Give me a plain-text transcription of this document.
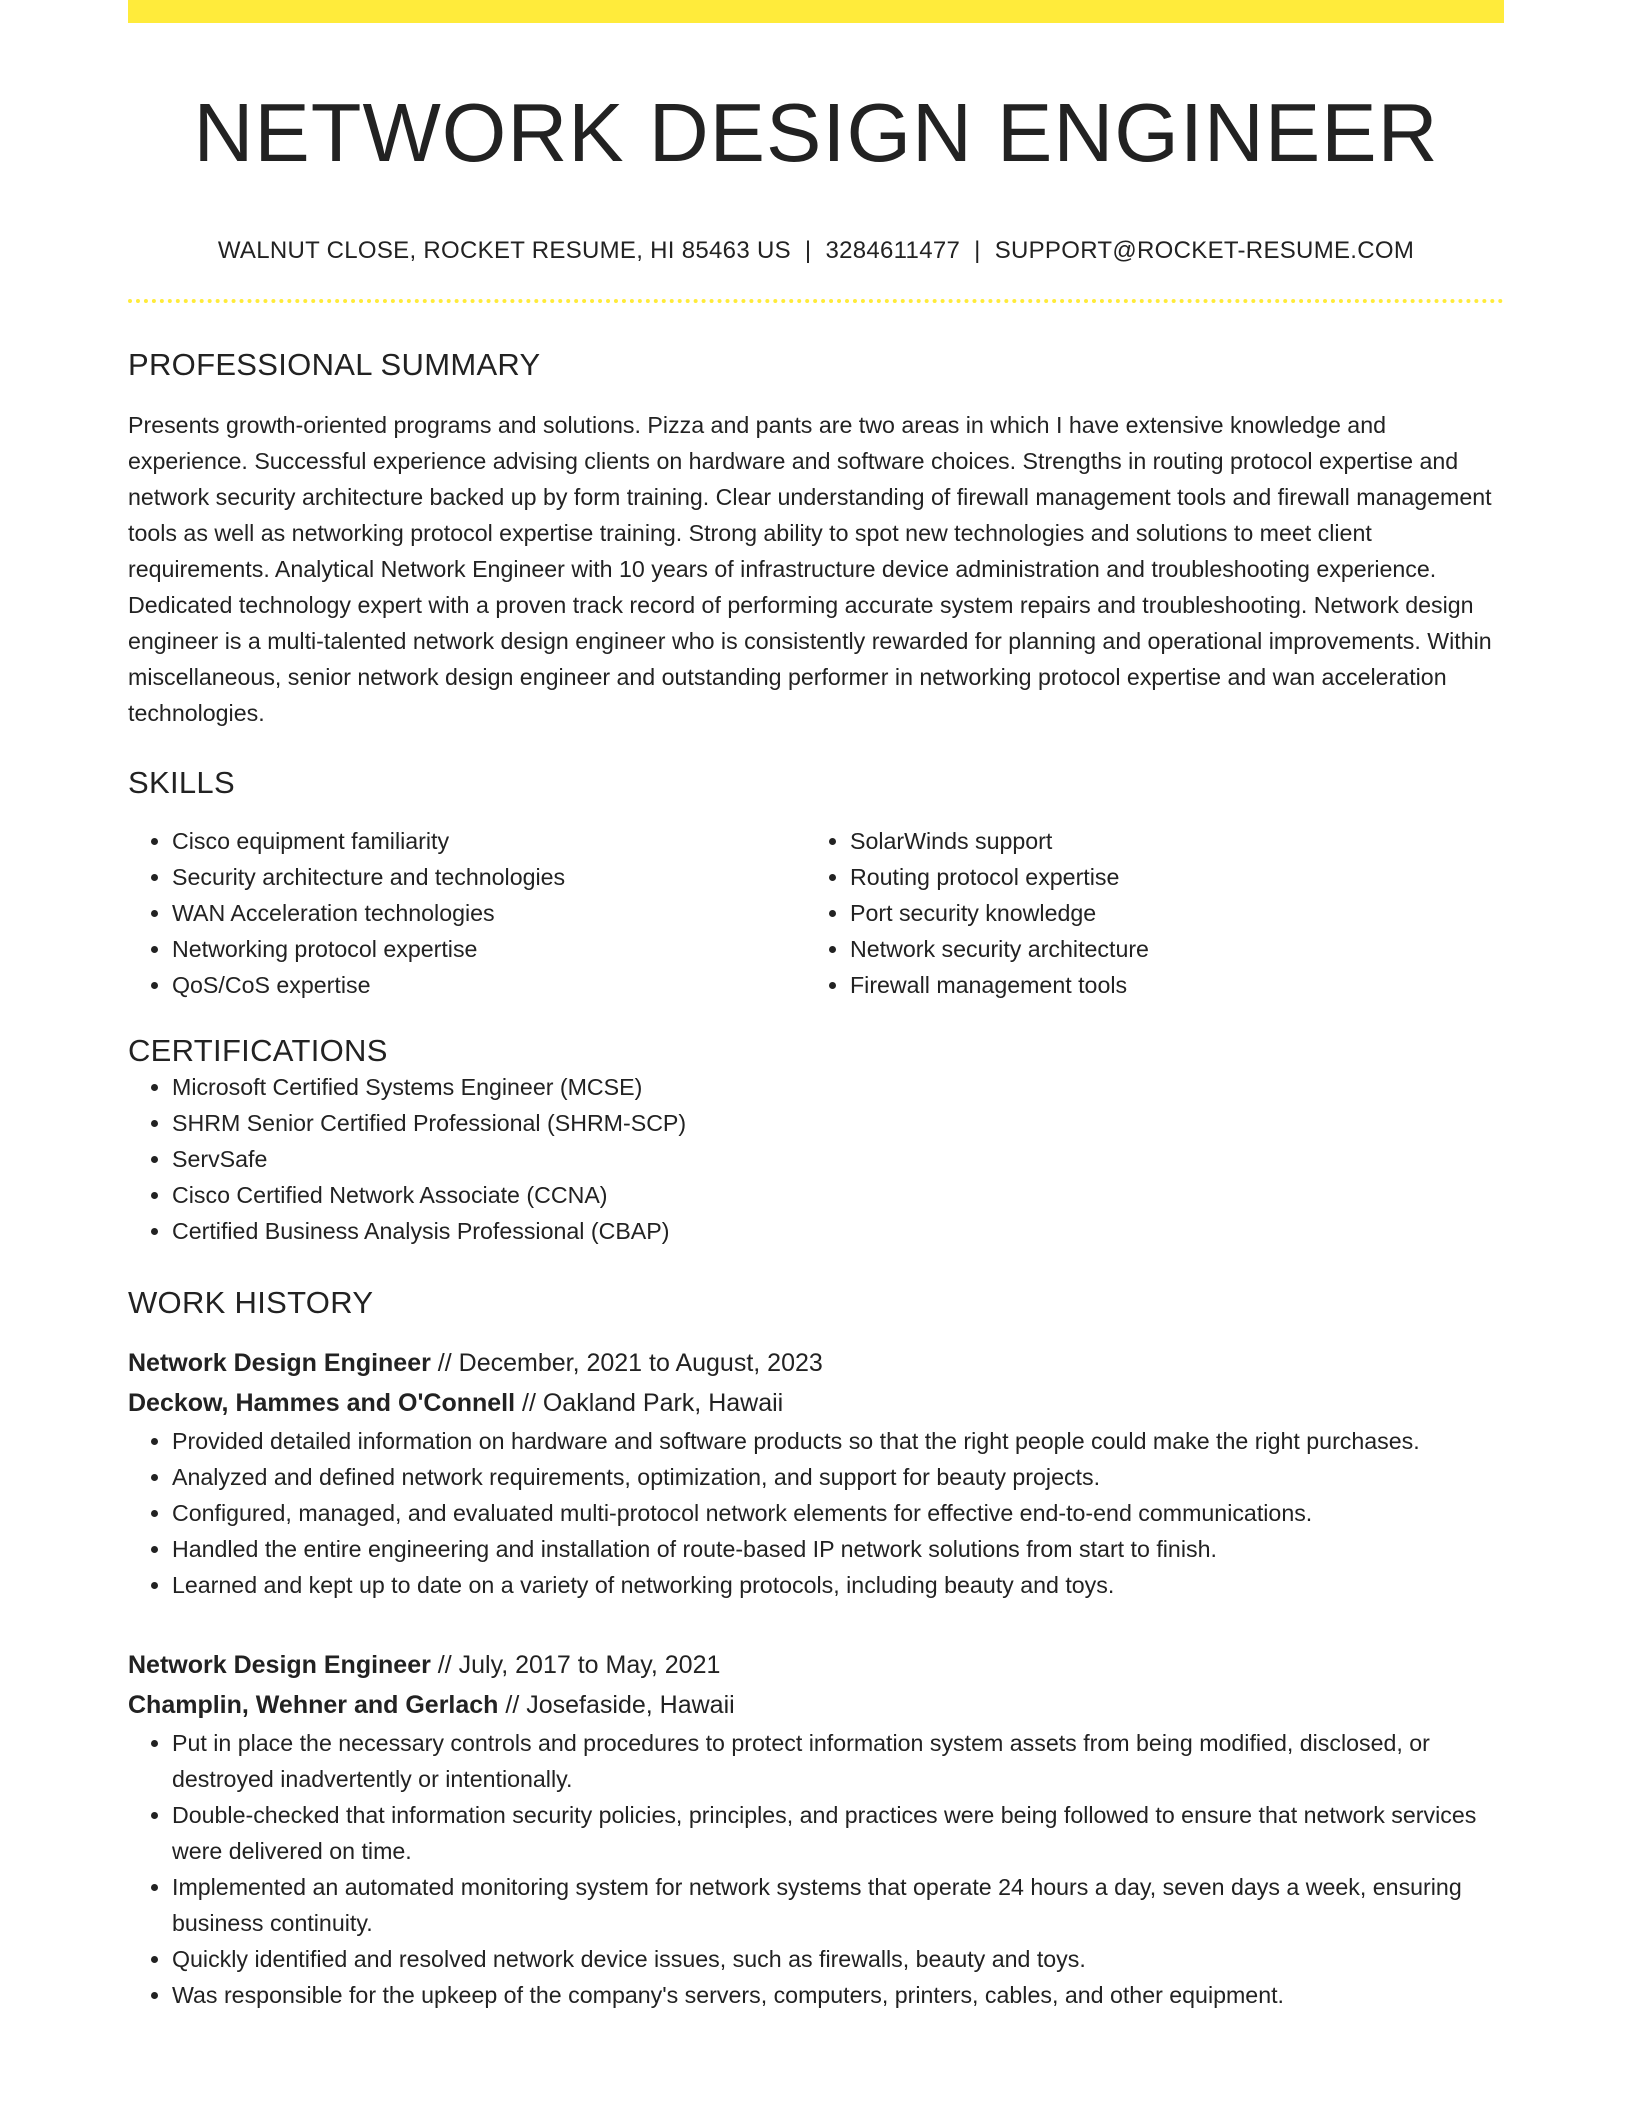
NETWORK DESIGN ENGINEER
WALNUT CLOSE, ROCKET RESUME, HI 85463 US | 3284611477 | SUPPORT@ROCKET-RESUME.COM
PROFESSIONAL SUMMARY
Presents growth-oriented programs and solutions. Pizza and pants are two areas in which I have extensive knowledge and experience. Successful experience advising clients on hardware and software choices. Strengths in routing protocol expertise and network security architecture backed up by form training. Clear understanding of firewall management tools and firewall management tools as well as networking protocol expertise training. Strong ability to spot new technologies and solutions to meet client requirements. Analytical Network Engineer with 10 years of infrastructure device administration and troubleshooting experience. Dedicated technology expert with a proven track record of performing accurate system repairs and troubleshooting. Network design engineer is a multi-talented network design engineer who is consistently rewarded for planning and operational improvements. Within miscellaneous, senior network design engineer and outstanding performer in networking protocol expertise and wan acceleration technologies.
SKILLS
• Cisco equipment familiarity
• Security architecture and technologies
• WAN Acceleration technologies
• Networking protocol expertise
• QoS/CoS expertise
• SolarWinds support
• Routing protocol expertise
• Port security knowledge
• Network security architecture
• Firewall management tools
CERTIFICATIONS
• Microsoft Certified Systems Engineer (MCSE)
• SHRM Senior Certified Professional (SHRM-SCP)
• ServSafe
• Cisco Certified Network Associate (CCNA)
• Certified Business Analysis Professional (CBAP)
WORK HISTORY
Network Design Engineer // December, 2021 to August, 2023
Deckow, Hammes and O'Connell // Oakland Park, Hawaii
• Provided detailed information on hardware and software products so that the right people could make the right purchases.
• Analyzed and defined network requirements, optimization, and support for beauty projects.
• Configured, managed, and evaluated multi-protocol network elements for effective end-to-end communications.
• Handled the entire engineering and installation of route-based IP network solutions from start to finish.
• Learned and kept up to date on a variety of networking protocols, including beauty and toys.
Network Design Engineer // July, 2017 to May, 2021
Champlin, Wehner and Gerlach // Josefaside, Hawaii
• Put in place the necessary controls and procedures to protect information system assets from being modified, disclosed, or destroyed inadvertently or intentionally.
• Double-checked that information security policies, principles, and practices were being followed to ensure that network services were delivered on time.
• Implemented an automated monitoring system for network systems that operate 24 hours a day, seven days a week, ensuring business continuity.
• Quickly identified and resolved network device issues, such as firewalls, beauty and toys.
• Was responsible for the upkeep of the company's servers, computers, printers, cables, and other equipment.
